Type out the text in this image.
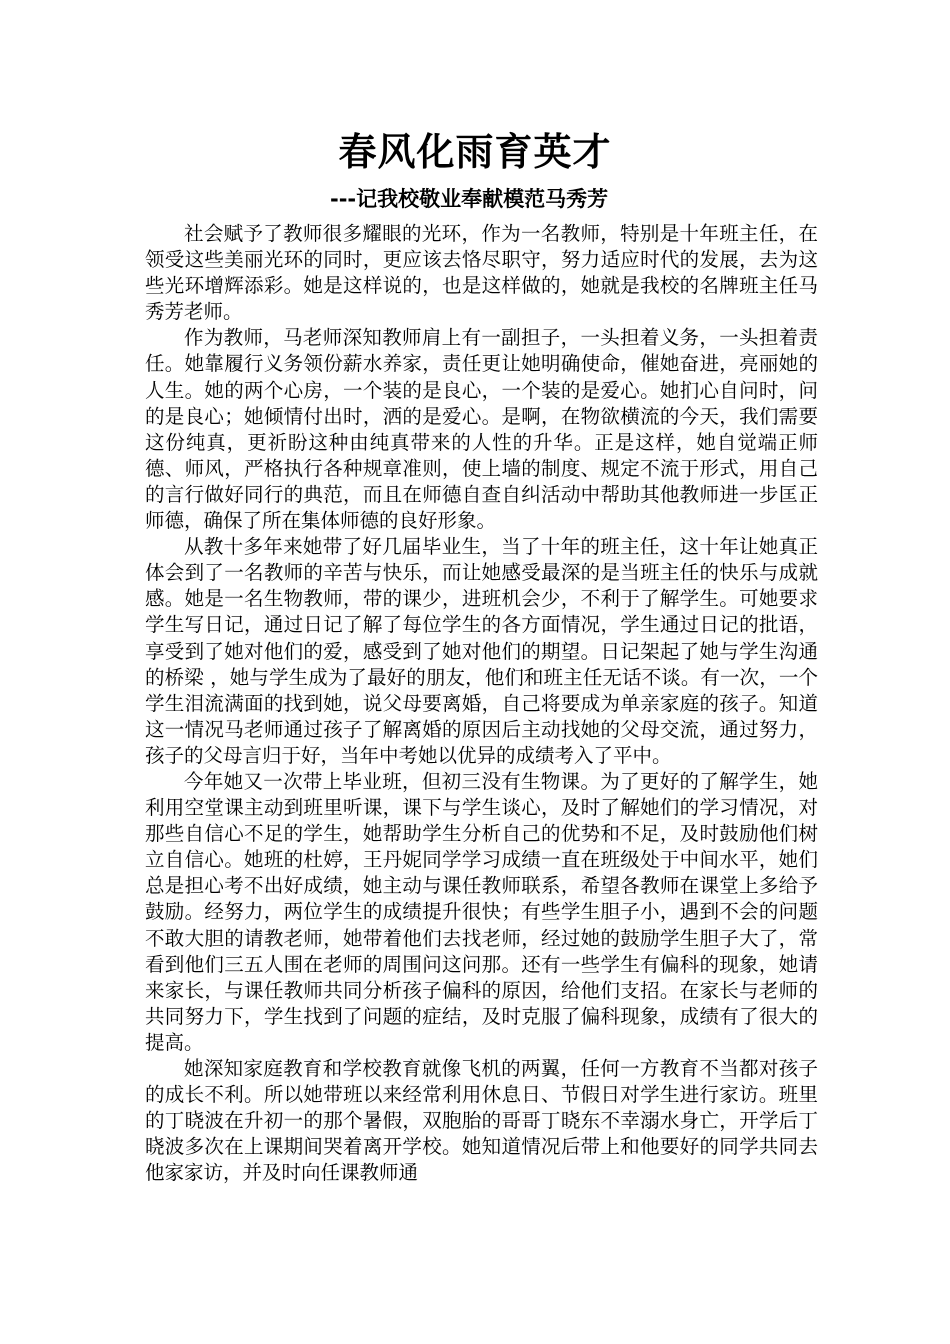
春风化雨育英才
---记我校敬业奉献模范马秀芳

社会赋予了教师很多耀眼的光环，作为一名教师，特别是十年班主任，在领受这些美丽光环的同时，更应该去恪尽职守，努力适应时代的发展，去为这些光环增辉添彩。她是这样说的，也是这样做的，她就是我校的名牌班主任马秀芳老师。

作为教师，马老师深知教师肩上有一副担子，一头担着义务，一头担着责任。她靠履行义务领份薪水养家，责任更让她明确使命，催她奋进，亮丽她的人生。她的两个心房，一个装的是良心，一个装的是爱心。她扪心自问时，问的是良心；她倾情付出时，洒的是爱心。是啊，在物欲横流的今天，我们需要这份纯真，更祈盼这种由纯真带来的人性的升华。正是这样，她自觉端正师德、师风，严格执行各种规章准则，使上墙的制度、规定不流于形式，用自己的言行做好同行的典范，而且在师德自查自纠活动中帮助其他教师进一步匡正师德，确保了所在集体师德的良好形象。

从教十多年来她带了好几届毕业生，当了十年的班主任，这十年让她真正体会到了一名教师的辛苦与快乐，而让她感受最深的是当班主任的快乐与成就感。她是一名生物教师，带的课少，进班机会少，不利于了解学生。可她要求学生写日记，通过日记了解了每位学生的各方面情况，学生通过日记的批语，享受到了她对他们的爱，感受到了她对他们的期望。日记架起了她与学生沟通的桥梁 ，她与学生成为了最好的朋友，他们和班主任无话不谈。有一次，一个学生泪流满面的找到她，说父母要离婚，自己将要成为单亲家庭的孩子。知道这一情况马老师通过孩子了解离婚的原因后主动找她的父母交流，通过努力，孩子的父母言归于好，当年中考她以优异的成绩考入了平中。

今年她又一次带上毕业班，但初三没有生物课。为了更好的了解学生，她利用空堂课主动到班里听课，课下与学生谈心，及时了解她们的学习情况，对那些自信心不足的学生，她帮助学生分析自己的优势和不足，及时鼓励他们树立自信心。她班的杜婷，王丹妮同学学习成绩一直在班级处于中间水平，她们总是担心考不出好成绩，她主动与课任教师联系，希望各教师在课堂上多给予鼓励。经努力，两位学生的成绩提升很快；有些学生胆子小，遇到不会的问题不敢大胆的请教老师，她带着他们去找老师，经过她的鼓励学生胆子大了，常看到他们三五人围在老师的周围问这问那。还有一些学生有偏科的现象，她请来家长，与课任教师共同分析孩子偏科的原因，给他们支招。在家长与老师的共同努力下，学生找到了问题的症结，及时克服了偏科现象，成绩有了很大的提高。

她深知家庭教育和学校教育就像飞机的两翼，任何一方教育不当都对孩子的成长不利。所以她带班以来经常利用休息日、节假日对学生进行家访。班里的丁晓波在升初一的那个暑假，双胞胎的哥哥丁晓东不幸溺水身亡，开学后丁晓波多次在上课期间哭着离开学校。她知道情况后带上和他要好的同学共同去他家家访，并及时向任课教师通
